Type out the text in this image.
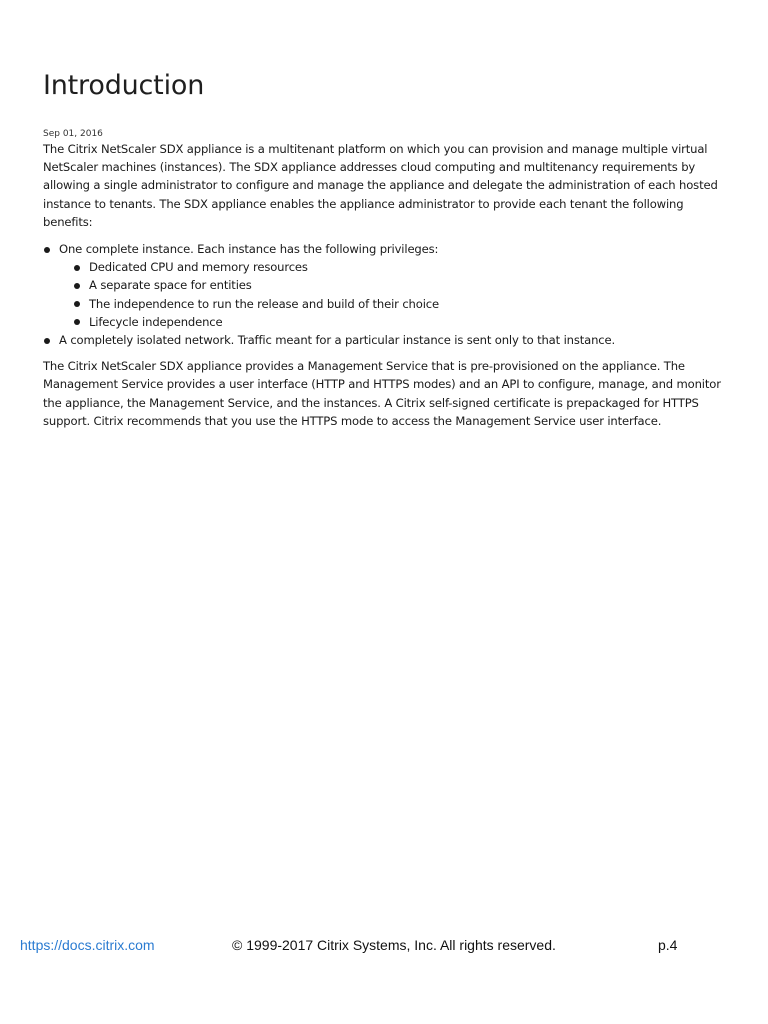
Introduction
Sep 01, 2016

The Citrix NetScaler SDX appliance is a multitenant platform on which you can provision and manage multiple virtual NetScaler machines (instances). The SDX appliance addresses cloud computing and multitenancy requirements by allowing a single administrator to configure and manage the appliance and delegate the administration of each hosted instance to tenants. The SDX appliance enables the appliance administrator to provide each tenant the following benefits:

One complete instance. Each instance has the following privileges:
Dedicated CPU and memory resources
A separate space for entities
The independence to run the release and build of their choice
Lifecycle independence
A completely isolated network. Traffic meant for a particular instance is sent only to that instance.

The Citrix NetScaler SDX appliance provides a Management Service that is pre-provisioned on the appliance. The Management Service provides a user interface (HTTP and HTTPS modes) and an API to configure, manage, and monitor the appliance, the Management Service, and the instances. A Citrix self-signed certificate is prepackaged for HTTPS support. Citrix recommends that you use the HTTPS mode to access the Management Service user interface.

https://docs.citrix.com	© 1999-2017 Citrix Systems, Inc. All rights reserved.	p.4
